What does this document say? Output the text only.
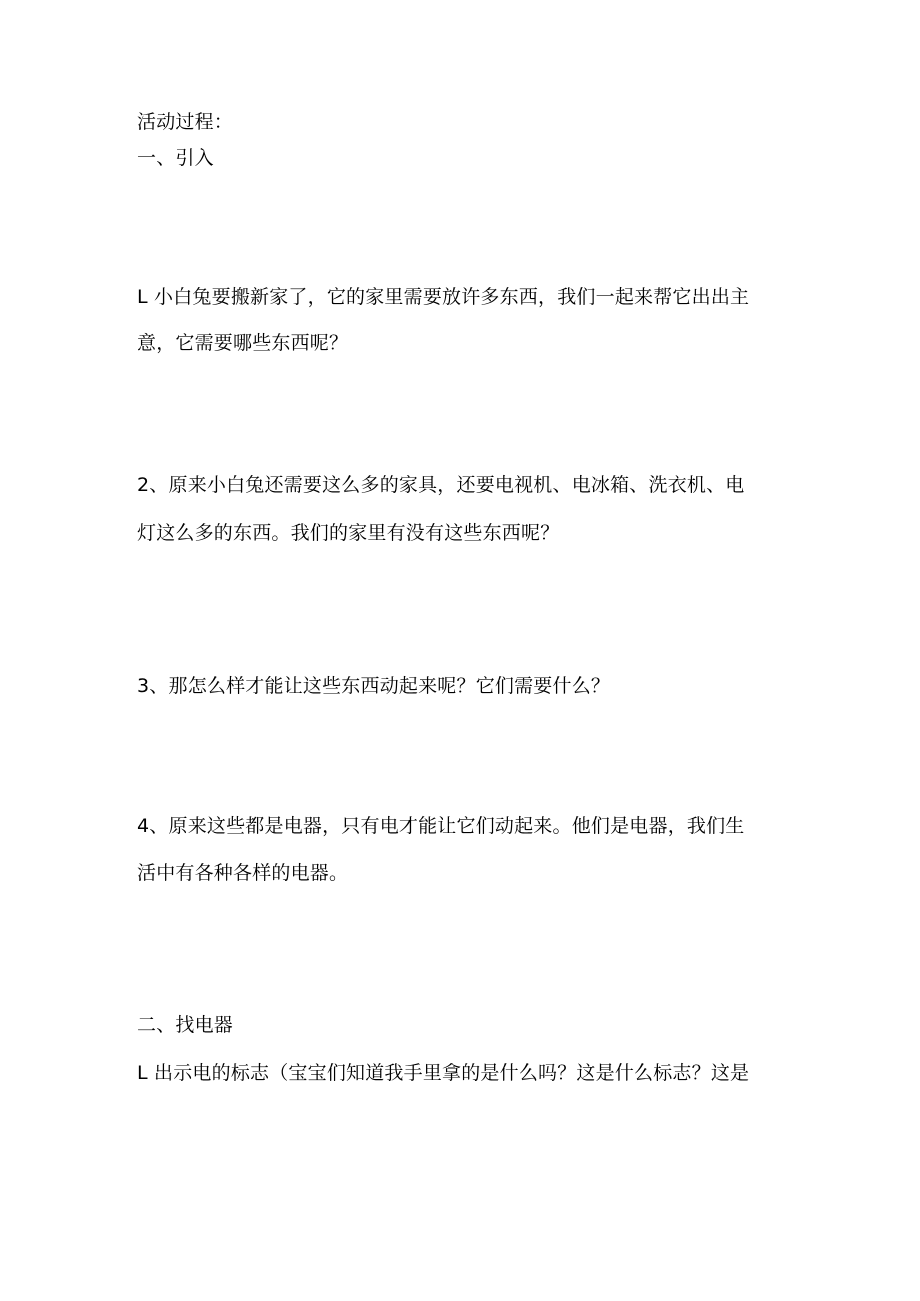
活动过程：

一、引入

L 小白兔要搬新家了，它的家里需要放许多东西，我们一起来帮它出出主

意，它需要哪些东西呢？

2、原来小白兔还需要这么多的家具，还要电视机、电冰箱、洗衣机、电

灯这么多的东西。我们的家里有没有这些东西呢？

3、那怎么样才能让这些东西动起来呢？它们需要什么？

4、原来这些都是电器，只有电才能让它们动起来。他们是电器，我们生

活中有各种各样的电器。

二、找电器

L 出示电的标志（宝宝们知道我手里拿的是什么吗？这是什么标志？这是
